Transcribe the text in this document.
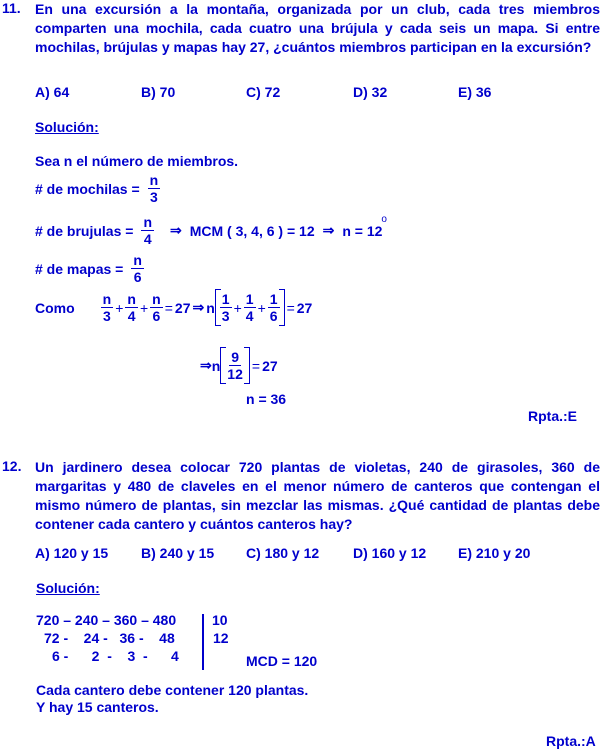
11. En una excursión a la montaña, organizada por un club, cada tres miembros comparten una mochila, cada cuatro una brújula y cada seis un mapa. Si entre mochilas, brújulas y mapas hay 27, ¿cuántos miembros participan en la excursión?
A) 64	B) 70	C) 72	D) 32	E) 36
Solución:
Sea n el número de miembros.
# de mochilas = $\frac{n}{3}$
# de brujulas = $\frac{n}{4}$ ⇒ MCM ( 3, 4, 6 ) = 12 ⇒ n = 12
o
# de mapas = $\frac{n}{6}$
Como $\frac{n}{3} + \frac{n}{4} + \frac{n}{6} = 27$ ⇒ n $\frac{1}{3} + \frac{1}{4} + \frac{1}{6} = 27$
⇒ n $\frac{9}{12} = 27$
n = 36
Rpta.:E
12. Un jardinero desea colocar 720 plantas de violetas, 240 de girasoles, 360 de margaritas y 480 de claveles en el menor número de canteros que contengan el mismo número de plantas, sin mezclar las mismas. ¿Qué cantidad de plantas debe contener cada cantero y cuántos canteros hay?
A) 120 y 15 B) 240 y 15 C) 180 y 12 D) 160 y 12 E) 210 y 20
Solución:
720 – 240 – 360 – 480
72 -    24 -   36 -    48
6 -      2  -    3  -      4
10
12
MCD = 120
Cada cantero debe contener 120 plantas.
Y hay 15 canteros.
Rpta.:A
